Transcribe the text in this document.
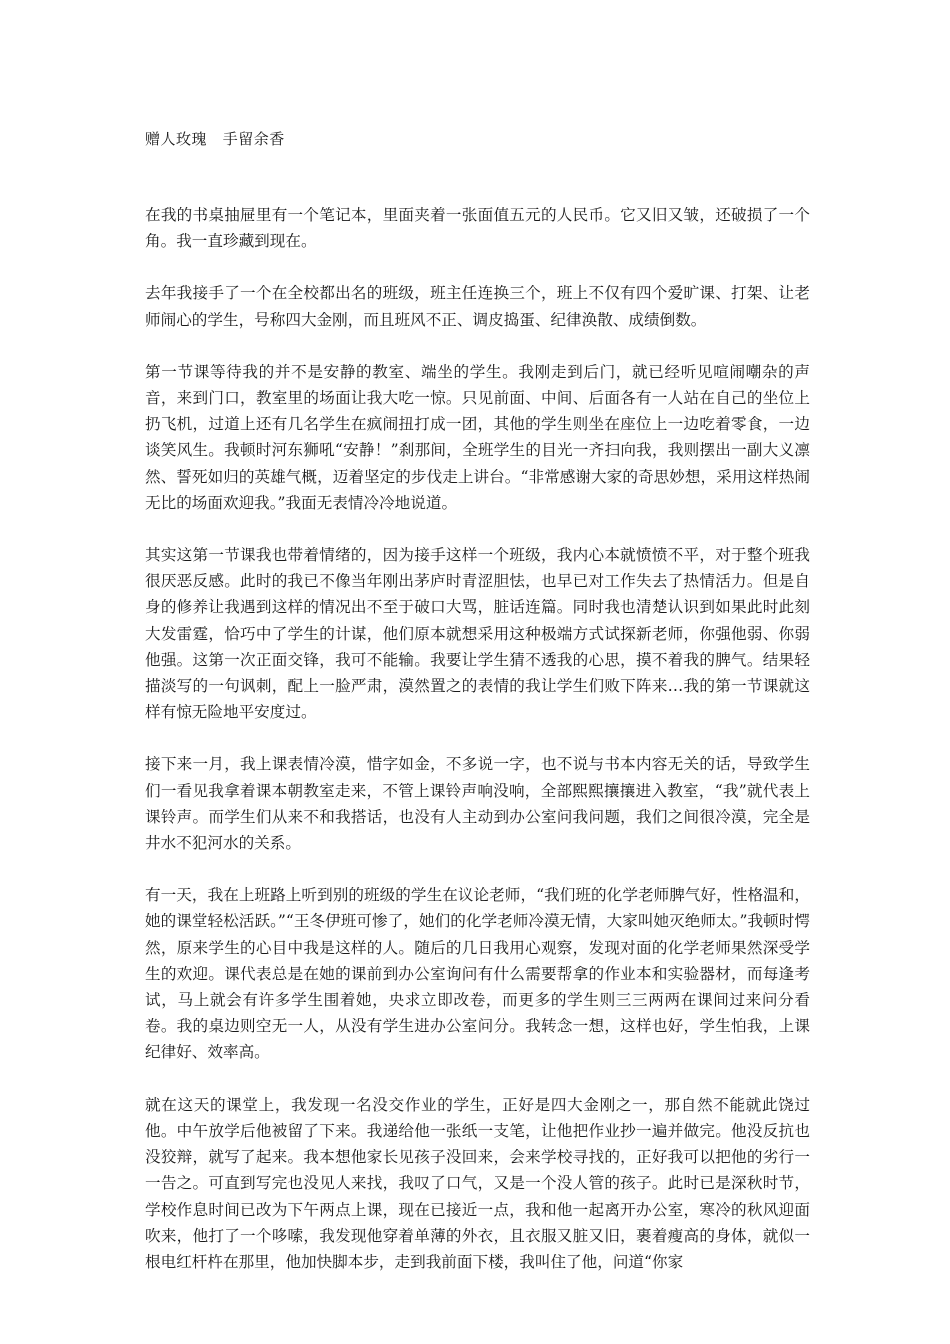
赠人玫瑰   手留余香

在我的书桌抽屉里有一个笔记本，里面夹着一张面值五元的人民币。它又旧又皱，还破损了一个角。我一直珍藏到现在。

去年我接手了一个在全校都出名的班级，班主任连换三个，班上不仅有四个爱旷课、打架、让老师闹心的学生，号称四大金刚，而且班风不正、调皮捣蛋、纪律涣散、成绩倒数。

第一节课等待我的并不是安静的教室、端坐的学生。我刚走到后门，就已经听见喧闹嘲杂的声音，来到门口，教室里的场面让我大吃一惊。只见前面、中间、后面各有一人站在自己的坐位上扔飞机，过道上还有几名学生在疯闹扭打成一团，其他的学生则坐在座位上一边吃着零食，一边谈笑风生。我顿时河东狮吼“安静！”刹那间，全班学生的目光一齐扫向我，我则摆出一副大义凛然、誓死如归的英雄气概，迈着坚定的步伐走上讲台。“非常感谢大家的奇思妙想，采用这样热闹无比的场面欢迎我。”我面无表情冷冷地说道。

其实这第一节课我也带着情绪的，因为接手这样一个班级，我内心本就愤愤不平，对于整个班我很厌恶反感。此时的我已不像当年刚出茅庐时青涩胆怯，也早已对工作失去了热情活力。但是自身的修养让我遇到这样的情况出不至于破口大骂，脏话连篇。同时我也清楚认识到如果此时此刻大发雷霆，恰巧中了学生的计谋，他们原本就想采用这种极端方式试探新老师，你强他弱、你弱他强。这第一次正面交锋，我可不能输。我要让学生猜不透我的心思，摸不着我的脾气。结果轻描淡写的一句讽刺，配上一脸严肃，漠然置之的表情的我让学生们败下阵来…我的第一节课就这样有惊无险地平安度过。

接下来一月，我上课表情冷漠，惜字如金，不多说一字，也不说与书本内容无关的话，导致学生们一看见我拿着课本朝教室走来，不管上课铃声响没响，全部熙熙攘攘进入教室，“我”就代表上课铃声。而学生们从来不和我搭话，也没有人主动到办公室问我问题，我们之间很冷漠，完全是井水不犯河水的关系。

有一天，我在上班路上听到别的班级的学生在议论老师，“我们班的化学老师脾气好，性格温和，她的课堂轻松活跃。”“王冬伊班可惨了，她们的化学老师冷漠无情，大家叫她灭绝师太。”我顿时愕然，原来学生的心目中我是这样的人。随后的几日我用心观察，发现对面的化学老师果然深受学生的欢迎。课代表总是在她的课前到办公室询问有什么需要帮拿的作业本和实验器材，而每逢考试，马上就会有许多学生围着她，央求立即改卷，而更多的学生则三三两两在课间过来问分看卷。我的桌边则空无一人，从没有学生进办公室问分。我转念一想，这样也好，学生怕我，上课纪律好、效率高。

就在这天的课堂上，我发现一名没交作业的学生，正好是四大金刚之一，那自然不能就此饶过他。中午放学后他被留了下来。我递给他一张纸一支笔，让他把作业抄一遍并做完。他没反抗也没狡辩，就写了起来。我本想他家长见孩子没回来，会来学校寻找的，正好我可以把他的劣行一一告之。可直到写完也没见人来找，我叹了口气，又是一个没人管的孩子。此时已是深秋时节，学校作息时间已改为下午两点上课，现在已接近一点，我和他一起离开办公室，寒冷的秋风迎面吹来，他打了一个哆嗦，我发现他穿着单薄的外衣，且衣服又脏又旧，裹着瘦高的身体，就似一根电红杆杵在那里，他加快脚本步，走到我前面下楼，我叫住了他，问道“你家
